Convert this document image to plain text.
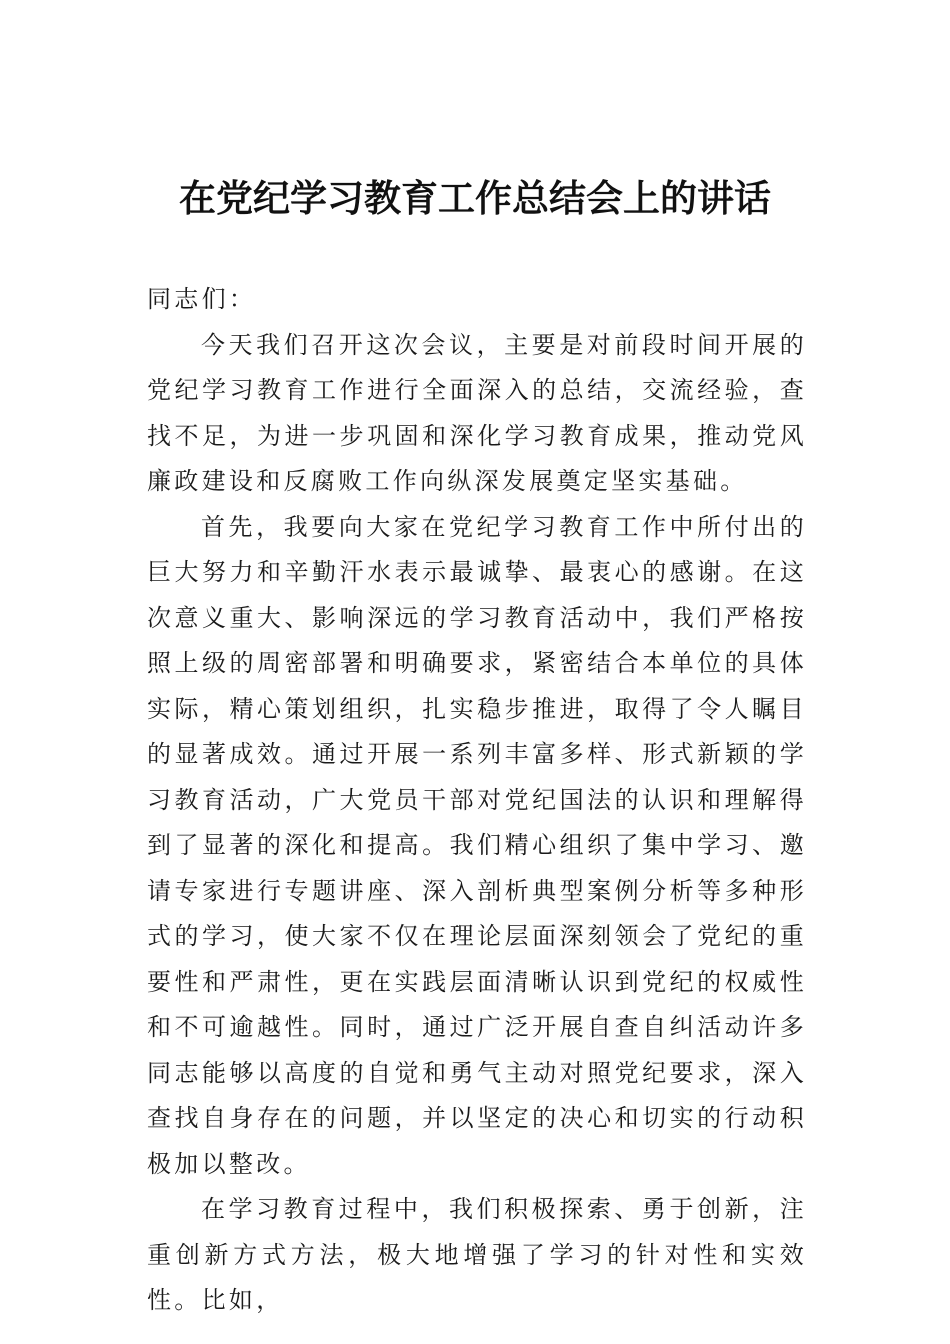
在党纪学习教育工作总结会上的讲话

同志们：

今天我们召开这次会议，主要是对前段时间开展的党纪学习教育工作进行全面深入的总结，交流经验，查找不足，为进一步巩固和深化学习教育成果，推动党风廉政建设和反腐败工作向纵深发展奠定坚实基础。

首先，我要向大家在党纪学习教育工作中所付出的巨大努力和辛勤汗水表示最诚挚、最衷心的感谢。在这次意义重大、影响深远的学习教育活动中，我们严格按照上级的周密部署和明确要求，紧密结合本单位的具体实际，精心策划组织，扎实稳步推进，取得了令人瞩目的显著成效。通过开展一系列丰富多样、形式新颖的学习教育活动，广大党员干部对党纪国法的认识和理解得到了显著的深化和提高。我们精心组织了集中学习、邀请专家进行专题讲座、深入剖析典型案例分析等多种形式的学习，使大家不仅在理论层面深刻领会了党纪的重要性和严肃性，更在实践层面清晰认识到党纪的权威性和不可逾越性。同时，通过广泛开展自查自纠活动许多同志能够以高度的自觉和勇气主动对照党纪要求，深入查找自身存在的问题，并以坚定的决心和切实的行动积极加以整改。

在学习教育过程中，我们积极探索、勇于创新，注重创新方式方法，极大地增强了学习的针对性和实效性。比如，
